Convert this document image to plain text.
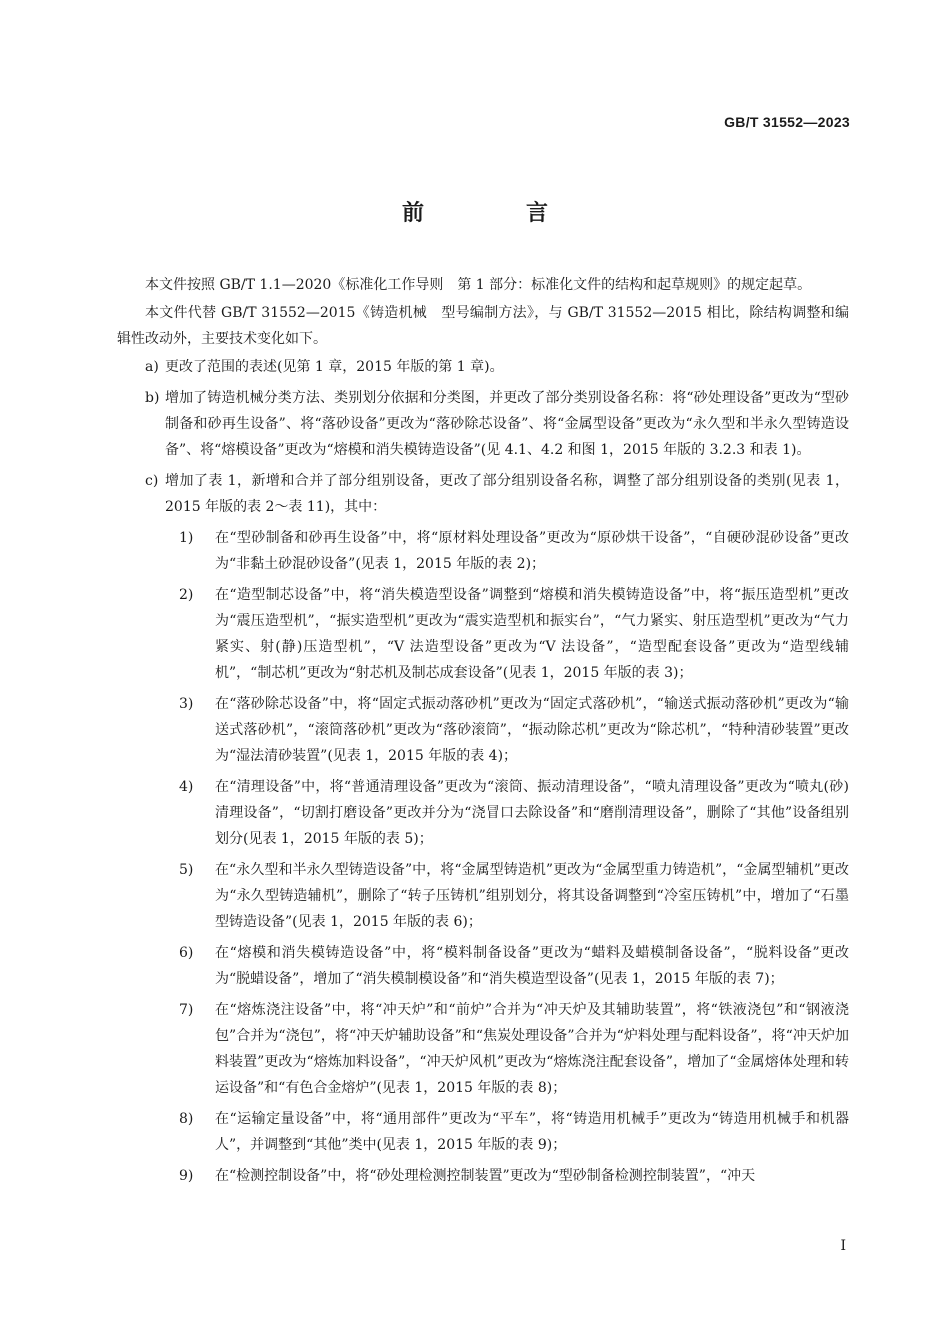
GB/T 31552—2023
前　言

本文件按照 GB/T 1.1—2020《标准化工作导则　第 1 部分：标准化文件的结构和起草规则》的规定起草。

本文件代替 GB/T 31552—2015《铸造机械　型号编制方法》，与 GB/T 31552—2015 相比，除结构调整和编辑性改动外，主要技术变化如下。

a) 更改了范围的表述(见第 1 章，2015 年版的第 1 章)。
b) 增加了铸造机械分类方法、类别划分依据和分类图，并更改了部分类别设备名称：将“砂处理设备”更改为“型砂制备和砂再生设备”、将“落砂设备”更改为“落砂除芯设备”、将“金属型设备”更改为“永久型和半永久型铸造设备”、将“熔模设备”更改为“熔模和消失模铸造设备”(见 4.1、4.2 和图 1，2015 年版的 3.2.3 和表 1)。
c) 增加了表 1，新增和合并了部分组别设备，更改了部分组别设备名称，调整了部分组别设备的类别(见表 1，2015 年版的表 2～表 11)，其中：
1)	在“型砂制备和砂再生设备”中，将“原材料处理设备”更改为“原砂烘干设备”，“自硬砂混砂设备”更改为“非黏土砂混砂设备”(见表 1，2015 年版的表 2)；
2)	在“造型制芯设备”中，将“消失模造型设备”调整到“熔模和消失模铸造设备”中，将“振压造型机”更改为“震压造型机”，“振实造型机”更改为“震实造型机和振实台”，“气力紧实、射压造型机”更改为“气力紧实、射(静)压造型机”，“V 法造型设备”更改为“V 法设备”，“造型配套设备”更改为“造型线辅机”，“制芯机”更改为“射芯机及制芯成套设备”(见表 1，2015 年版的表 3)；
3)	在“落砂除芯设备”中，将“固定式振动落砂机”更改为“固定式落砂机”，“输送式振动落砂机”更改为“输送式落砂机”，“滚筒落砂机”更改为“落砂滚筒”，“振动除芯机”更改为“除芯机”，“特种清砂装置”更改为“湿法清砂装置”(见表 1，2015 年版的表 4)；
4)	在“清理设备”中，将“普通清理设备”更改为“滚筒、振动清理设备”，“喷丸清理设备”更改为“喷丸(砂)清理设备”，“切割打磨设备”更改并分为“浇冒口去除设备”和“磨削清理设备”，删除了“其他”设备组别划分(见表 1，2015 年版的表 5)；
5)	在“永久型和半永久型铸造设备”中，将“金属型铸造机”更改为“金属型重力铸造机”，“金属型辅机”更改为“永久型铸造辅机”，删除了“转子压铸机”组别划分，将其设备调整到“冷室压铸机”中，增加了“石墨型铸造设备”(见表 1，2015 年版的表 6)；
6)	在“熔模和消失模铸造设备”中，将“模料制备设备”更改为“蜡料及蜡模制备设备”，“脱料设备”更改为“脱蜡设备”，增加了“消失模制模设备”和“消失模造型设备”(见表 1，2015 年版的表 7)；
7)	在“熔炼浇注设备”中，将“冲天炉”和“前炉”合并为“冲天炉及其辅助装置”，将“铁液浇包”和“钢液浇包”合并为“浇包”，将“冲天炉辅助设备”和“焦炭处理设备”合并为“炉料处理与配料设备”，将“冲天炉加料装置”更改为“熔炼加料设备”，“冲天炉风机”更改为“熔炼浇注配套设备”，增加了“金属熔体处理和转运设备”和“有色合金熔炉”(见表 1，2015 年版的表 8)；
8)	在“运输定量设备”中，将“通用部件”更改为“平车”，将“铸造用机械手”更改为“铸造用机械手和机器人”，并调整到“其他”类中(见表 1，2015 年版的表 9)；
9)	在“检测控制设备”中，将“砂处理检测控制装置”更改为“型砂制备检测控制装置”，“冲天
I
